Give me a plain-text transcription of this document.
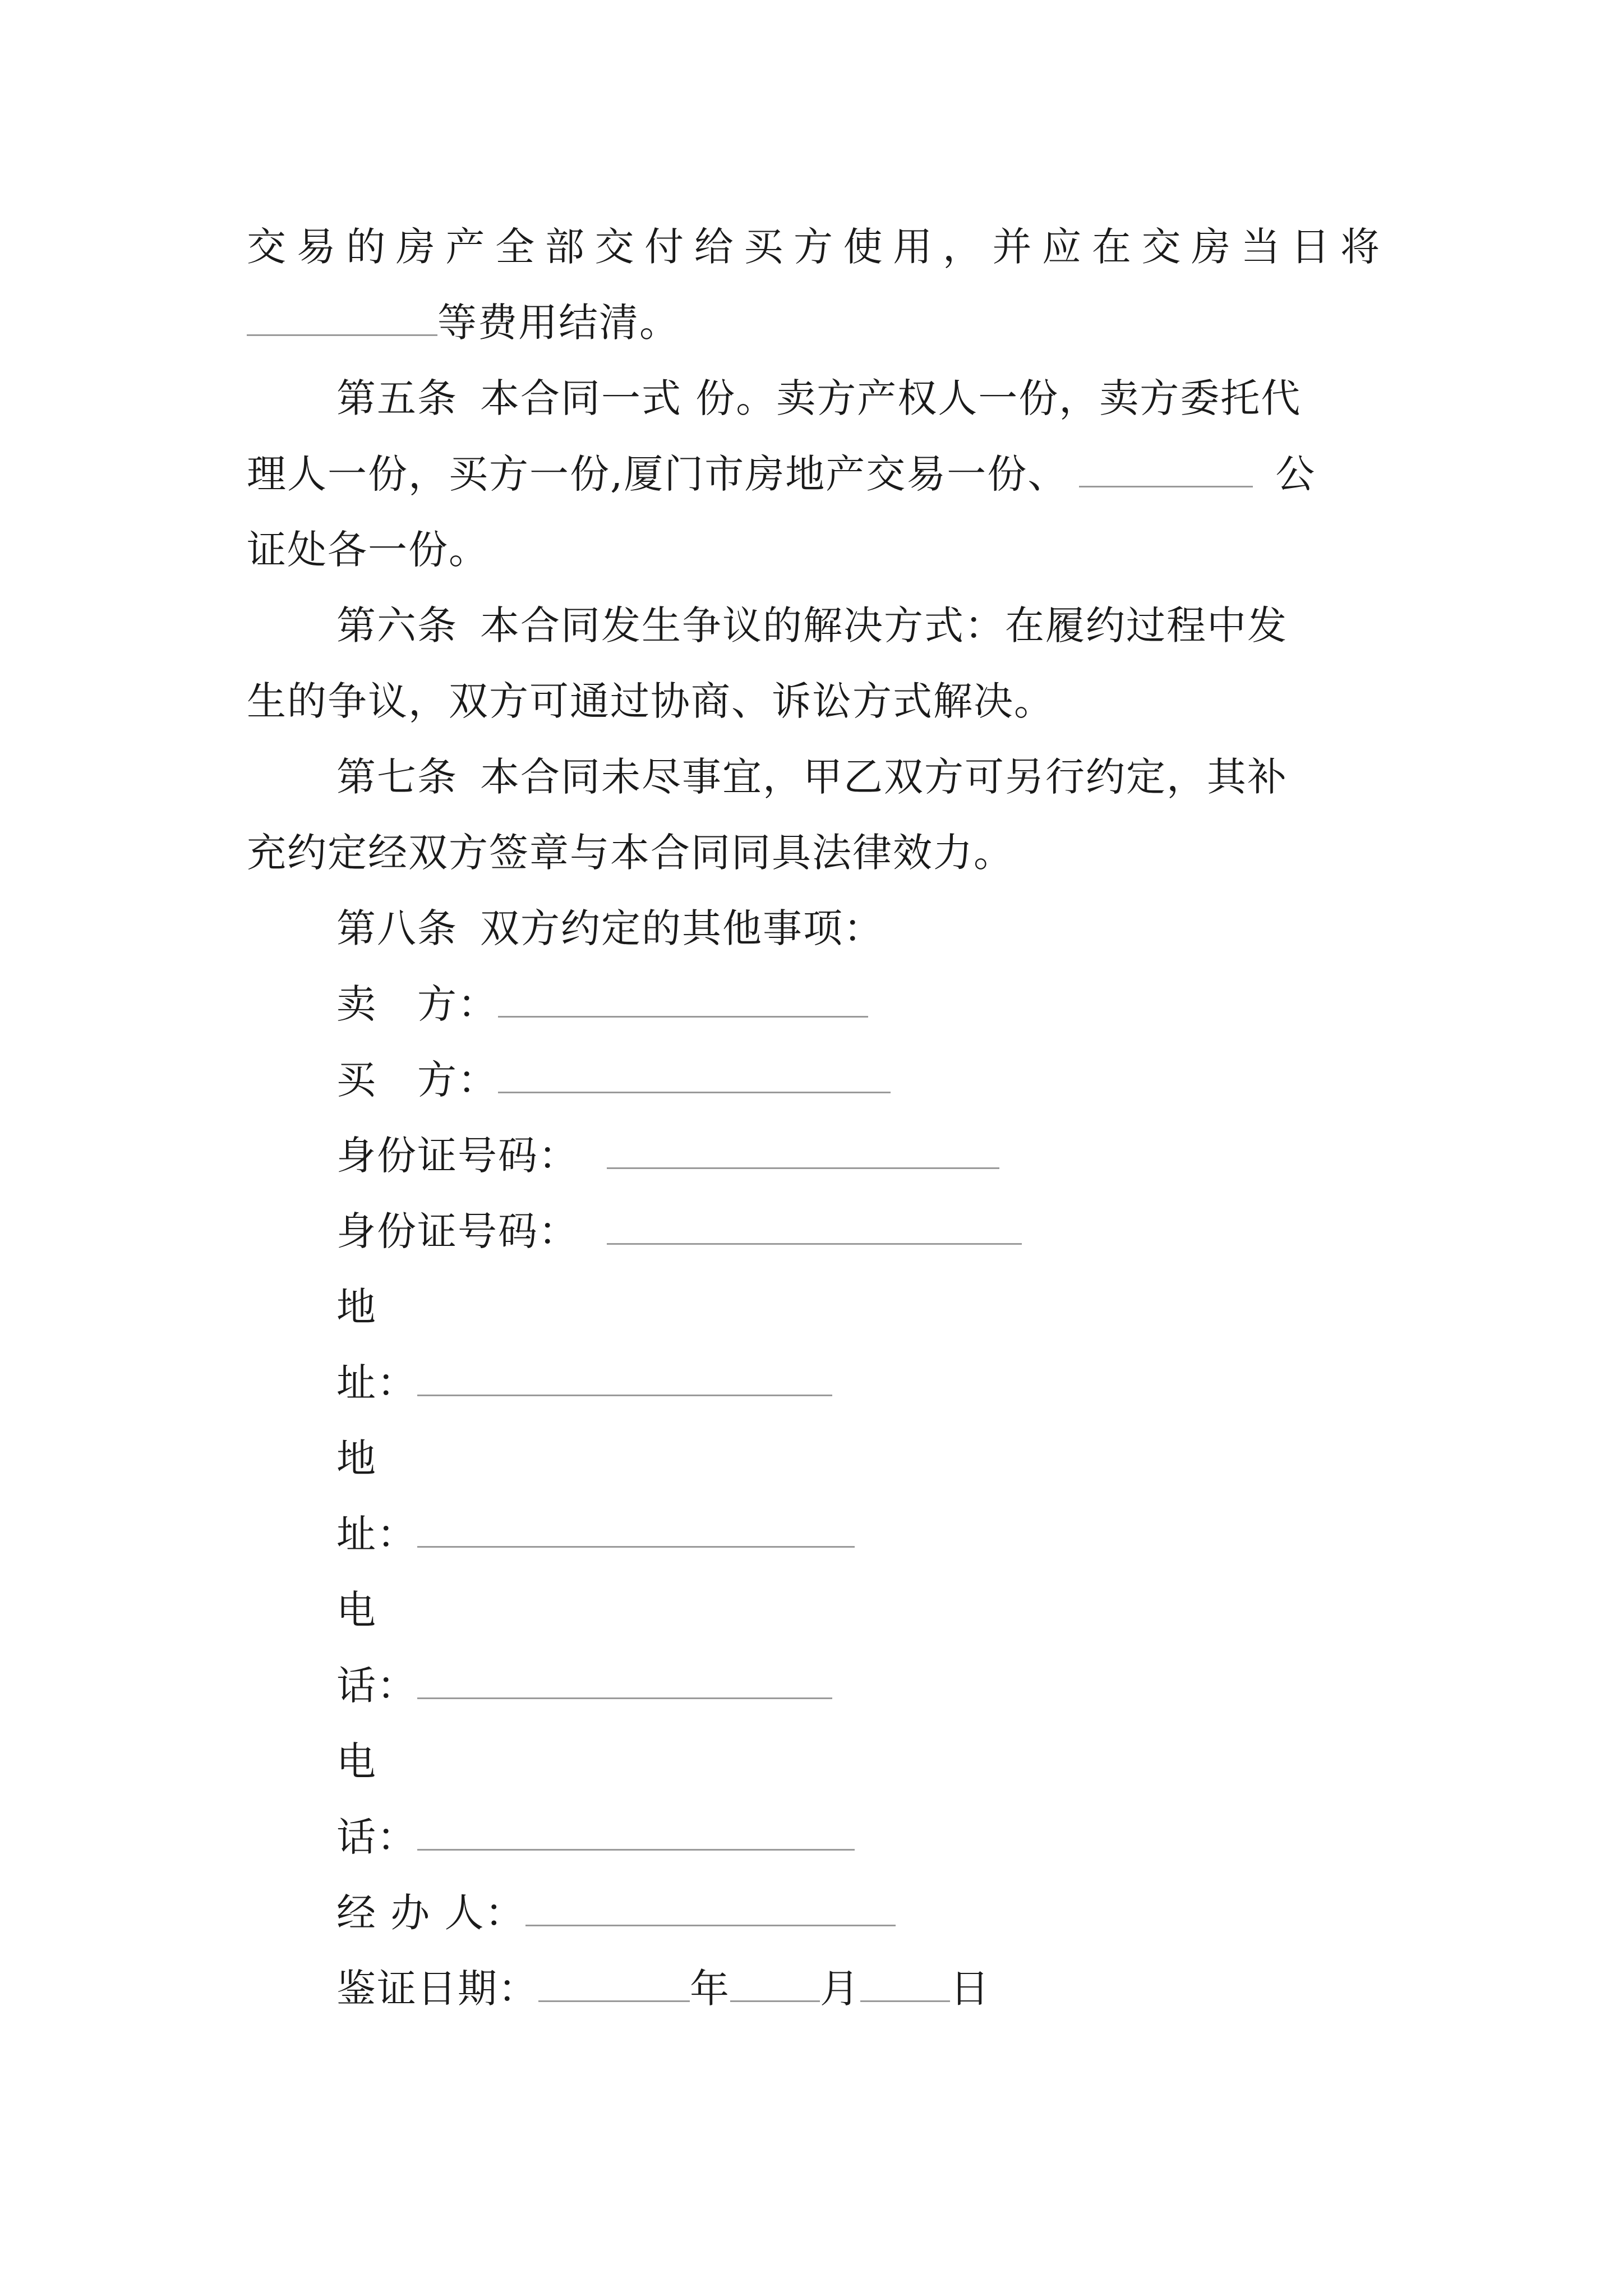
交易的房产全部交付给买方使用，并应在交房当日将
等费用结清。
第五条 本合同一式 份。卖方产权人一份，卖方委托代
理人一份，买方一份,厦门市房地产交易一份、	公
证处各一份。
第六条 本合同发生争议的解决方式：在履约过程中发
生的争议，双方可通过协商、诉讼方式解决。
第七条 本合同未尽事宜，甲乙双方可另行约定，其补
充约定经双方签章与本合同同具法律效力。
第八条 双方约定的其他事项：
卖　方：
买　方：
身份证号码：
身份证号码：
地
址：
地
址：
电
话：
电
话：
经 办 人：
鉴证日期：	年 月 日
